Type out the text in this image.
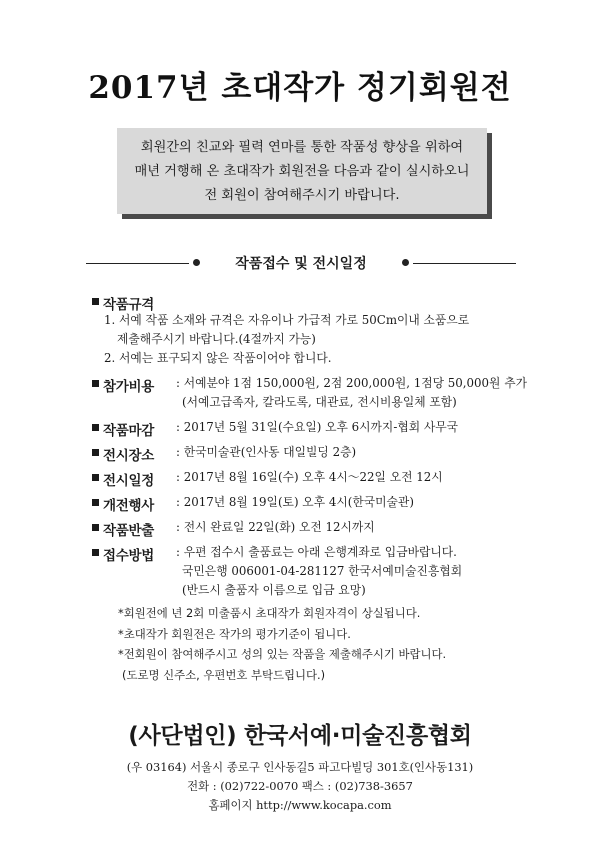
2017년 초대작가 정기회원전
회원간의 친교와 필력 연마를 통한 작품성 향상을 위하여
매년 거행해 온 초대작가 회원전을 다음과 같이 실시하오니
전 회원이 참여해주시기 바랍니다.
작품접수 및 전시일정
작품규격
1. 서예 작품 소재와 규격은 자유이나 가급적 가로 50Cm이내 소품으로
제출해주시기 바랍니다.(4절까지 가능)
2. 서예는 표구되지 않은 작품이어야 합니다.
참가비용 : 서예분야 1점 150,000원, 2점 200,000원, 1점당 50,000원 추가
(서예고급족자, 칼라도록, 대관료, 전시비용일체 포함)
작품마감 : 2017년 5월 31일(수요일) 오후 6시까지-협회 사무국
전시장소 : 한국미술관(인사동 대일빌딩 2층)
전시일정 : 2017년 8월 16일(수) 오후 4시～22일 오전 12시
개전행사 : 2017년 8월 19일(토) 오후 4시(한국미술관)
작품반출 : 전시 완료일 22일(화) 오전 12시까지
접수방법 : 우편 접수시 출품료는 아래 은행계좌로 입금바랍니다.
국민은행 006001-04-281127 한국서예미술진흥협회
(반드시 출품자 이름으로 입금 요망)
*회원전에 년 2회 미출품시 초대작가 회원자격이 상실됩니다.
*초대작가 회원전은 작가의 평가기준이 됩니다.
*전회원이 참여해주시고 성의 있는 작품을 제출해주시기 바랍니다.
(도로명 신주소, 우편번호 부탁드립니다.)
(사단법인) 한국서예·미술진흥협회
(우 03164) 서울시 종로구 인사동길5 파고다빌딩 301호(인사동131)
전화 : (02)722-0070 팩스 : (02)738-3657
홈페이지 http://www.kocapa.com
